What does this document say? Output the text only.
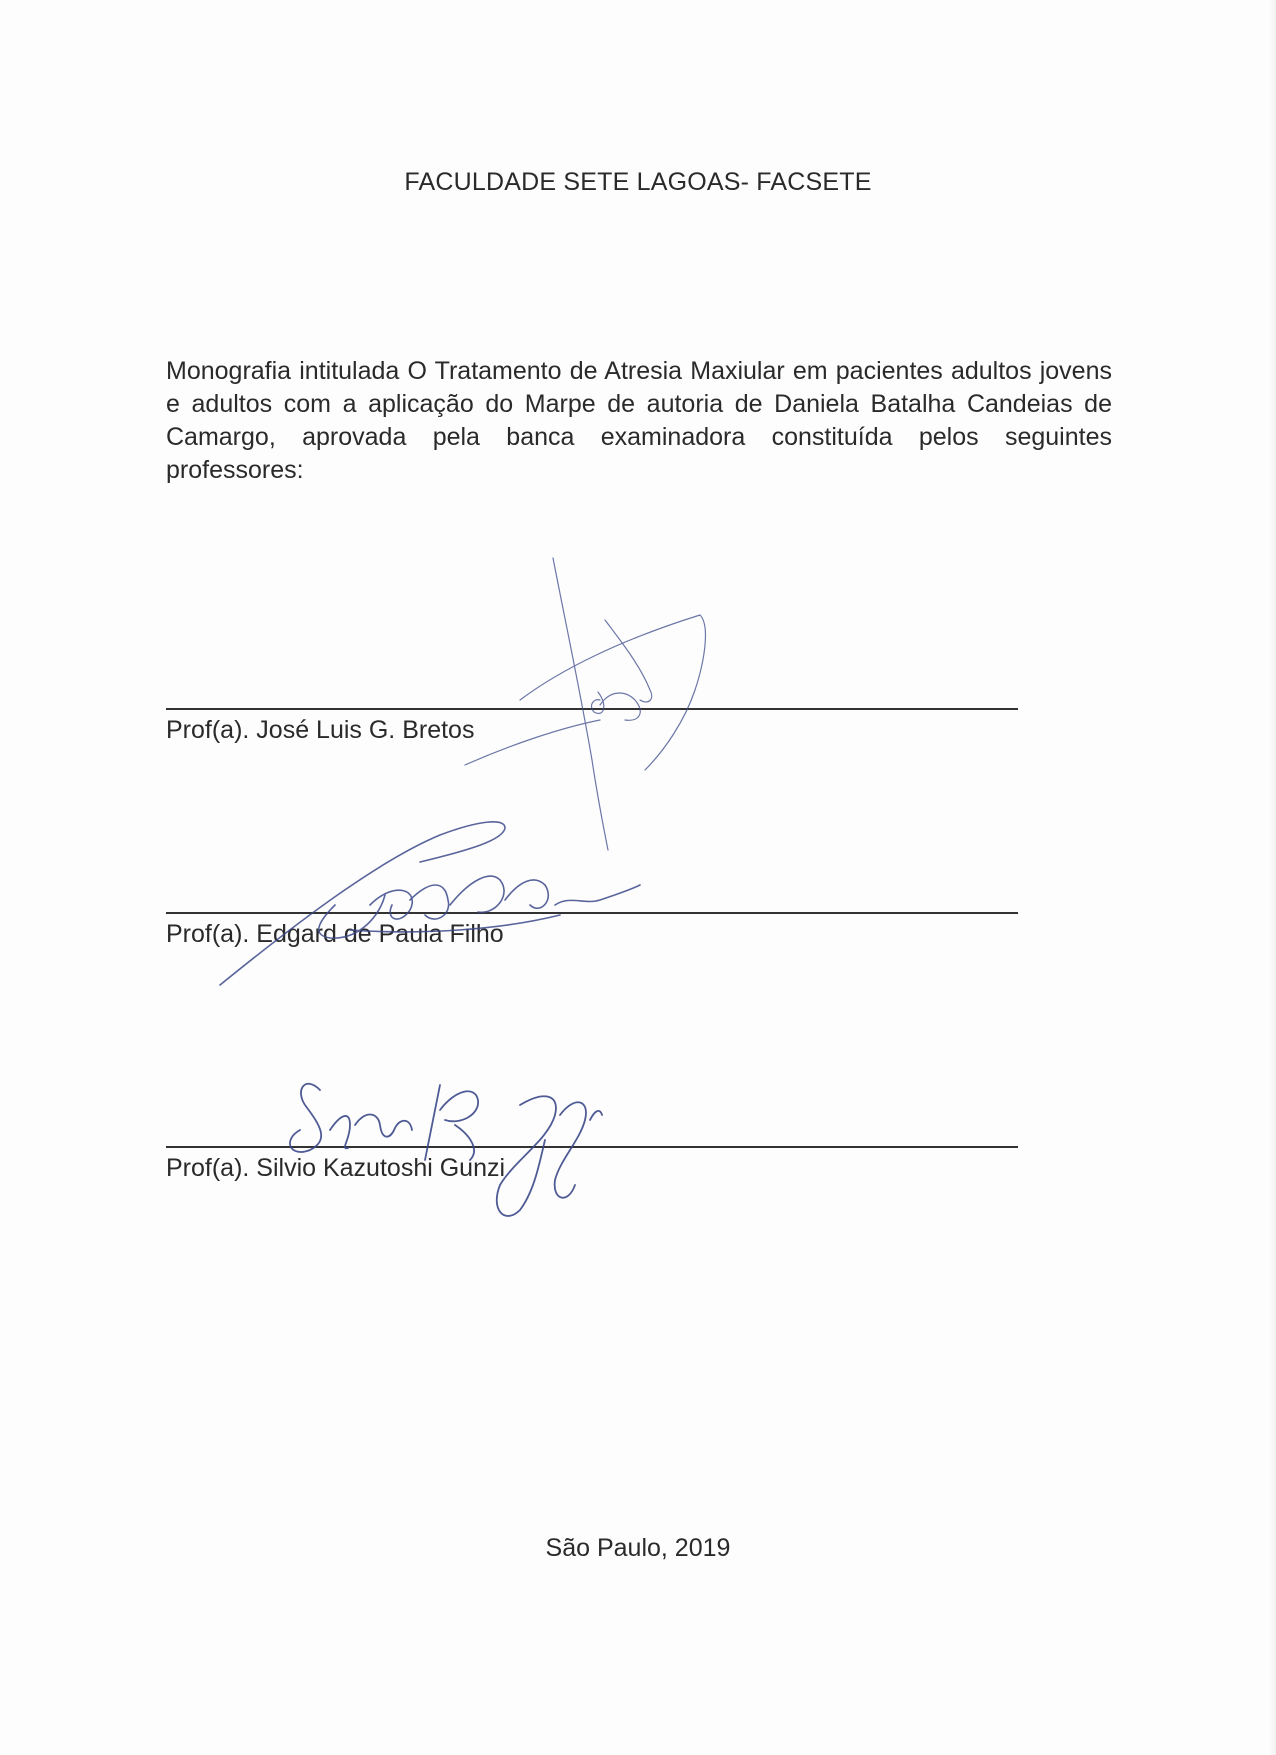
FACULDADE SETE LAGOAS- FACSETE
Monografia intitulada O Tratamento de Atresia Maxiular em pacientes adultos jovens e adultos com a aplicação do Marpe de autoria de Daniela Batalha Candeias de Camargo, aprovada pela banca examinadora constituída pelos seguintes professores:
Prof(a). José Luis G. Bretos
Prof(a). Edgard de Paula Filho
Prof(a). Silvio Kazutoshi Gunzi
São Paulo, 2019
